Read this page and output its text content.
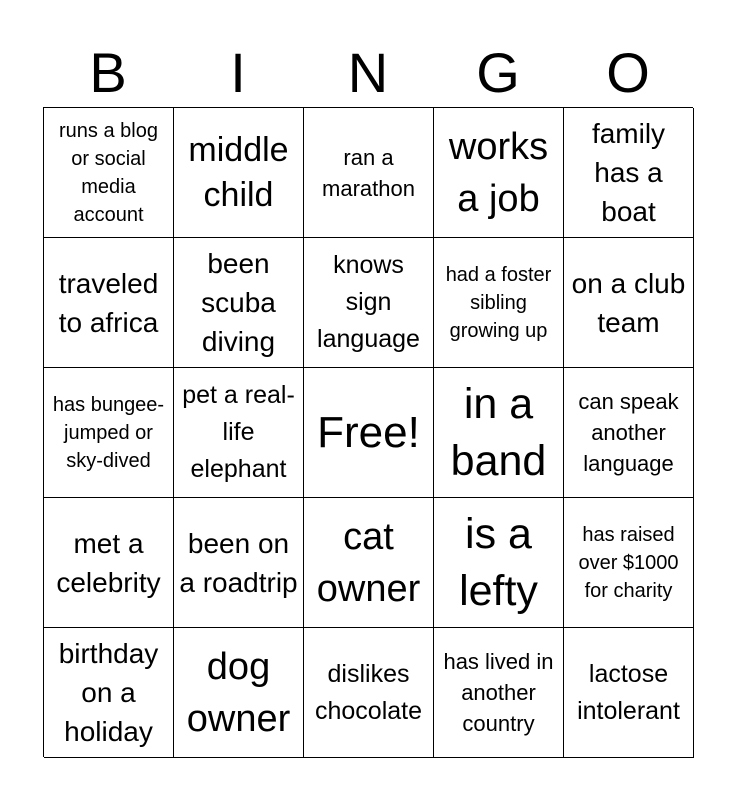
B	I	N	G	O
runs a blog or social media account
middle child
ran a marathon
works a job
family has a boat
traveled to africa
been scuba diving
knows sign language
had a foster sibling growing up
on a club team
has bungee-jumped or sky-dived
pet a real-life elephant
Free!
in a band
can speak another language
met a celebrity
been on a roadtrip
cat owner
is a lefty
has raised over $1000 for charity
birthday on a holiday
dog owner
dislikes chocolate
has lived in another country
lactose intolerant
